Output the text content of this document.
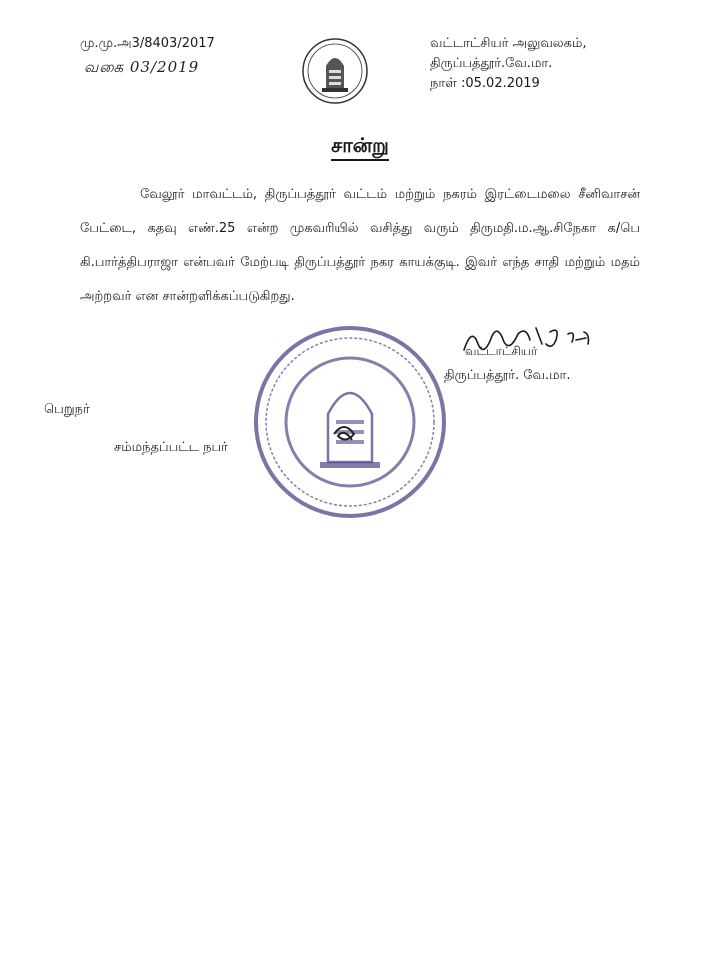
மு.மு.அ3/8403/2017
வகை 03/2019
வட்டாட்சியர் அலுவலகம்,
திருப்பத்தூர்.வே.மா.
நாள் :05.02.2019
சான்று

வேலூர் மாவட்டம், திருப்பத்தூர் வட்டம் மற்றும் நகரம் இரட்டைமலை சீனிவாசன் பேட்டை, கதவு எண்.25 என்ற முகவரியில் வசித்து வரும் திருமதி.ம.ஆ.சிநேகா க/பெ கி.பார்த்திபராஜா என்பவர் மேற்படி திருப்பத்தூர் நகர காயக்குடி. இவர் எந்த சாதி மற்றும் மதம் அற்றவர் என சான்றளிக்கப்படுகிறது.

வட்டாட்சியர்
திருப்பத்தூர். வே.மா.
பெறுநர்
சம்மந்தப்பட்ட நபர்
